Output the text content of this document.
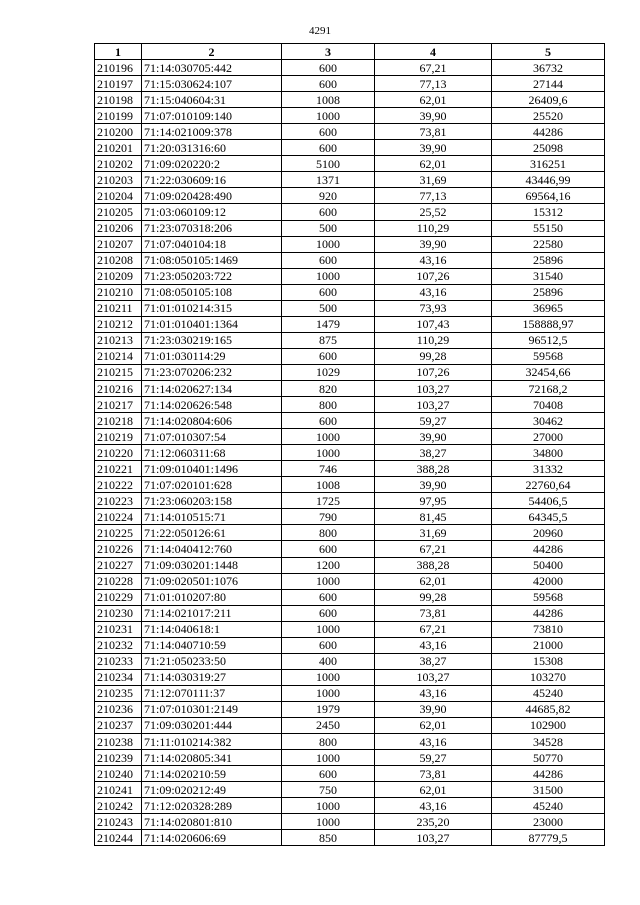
4291
1	2	3	4	5
210196	71:14:030705:442	600	67,21	36732
210197	71:15:030624:107	600	77,13	27144
210198	71:15:040604:31	1008	62,01	26409,6
210199	71:07:010109:140	1000	39,90	25520
210200	71:14:021009:378	600	73,81	44286
210201	71:20:031316:60	600	39,90	25098
210202	71:09:020220:2	5100	62,01	316251
210203	71:22:030609:16	1371	31,69	43446,99
210204	71:09:020428:490	920	77,13	69564,16
210205	71:03:060109:12	600	25,52	15312
210206	71:23:070318:206	500	110,29	55150
210207	71:07:040104:18	1000	39,90	22580
210208	71:08:050105:1469	600	43,16	25896
210209	71:23:050203:722	1000	107,26	31540
210210	71:08:050105:108	600	43,16	25896
210211	71:01:010214:315	500	73,93	36965
210212	71:01:010401:1364	1479	107,43	158888,97
210213	71:23:030219:165	875	110,29	96512,5
210214	71:01:030114:29	600	99,28	59568
210215	71:23:070206:232	1029	107,26	32454,66
210216	71:14:020627:134	820	103,27	72168,2
210217	71:14:020626:548	800	103,27	70408
210218	71:14:020804:606	600	59,27	30462
210219	71:07:010307:54	1000	39,90	27000
210220	71:12:060311:68	1000	38,27	34800
210221	71:09:010401:1496	746	388,28	31332
210222	71:07:020101:628	1008	39,90	22760,64
210223	71:23:060203:158	1725	97,95	54406,5
210224	71:14:010515:71	790	81,45	64345,5
210225	71:22:050126:61	800	31,69	20960
210226	71:14:040412:760	600	67,21	44286
210227	71:09:030201:1448	1200	388,28	50400
210228	71:09:020501:1076	1000	62,01	42000
210229	71:01:010207:80	600	99,28	59568
210230	71:14:021017:211	600	73,81	44286
210231	71:14:040618:1	1000	67,21	73810
210232	71:14:040710:59	600	43,16	21000
210233	71:21:050233:50	400	38,27	15308
210234	71:14:030319:27	1000	103,27	103270
210235	71:12:070111:37	1000	43,16	45240
210236	71:07:010301:2149	1979	39,90	44685,82
210237	71:09:030201:444	2450	62,01	102900
210238	71:11:010214:382	800	43,16	34528
210239	71:14:020805:341	1000	59,27	50770
210240	71:14:020210:59	600	73,81	44286
210241	71:09:020212:49	750	62,01	31500
210242	71:12:020328:289	1000	43,16	45240
210243	71:14:020801:810	1000	235,20	23000
210244	71:14:020606:69	850	103,27	87779,5
